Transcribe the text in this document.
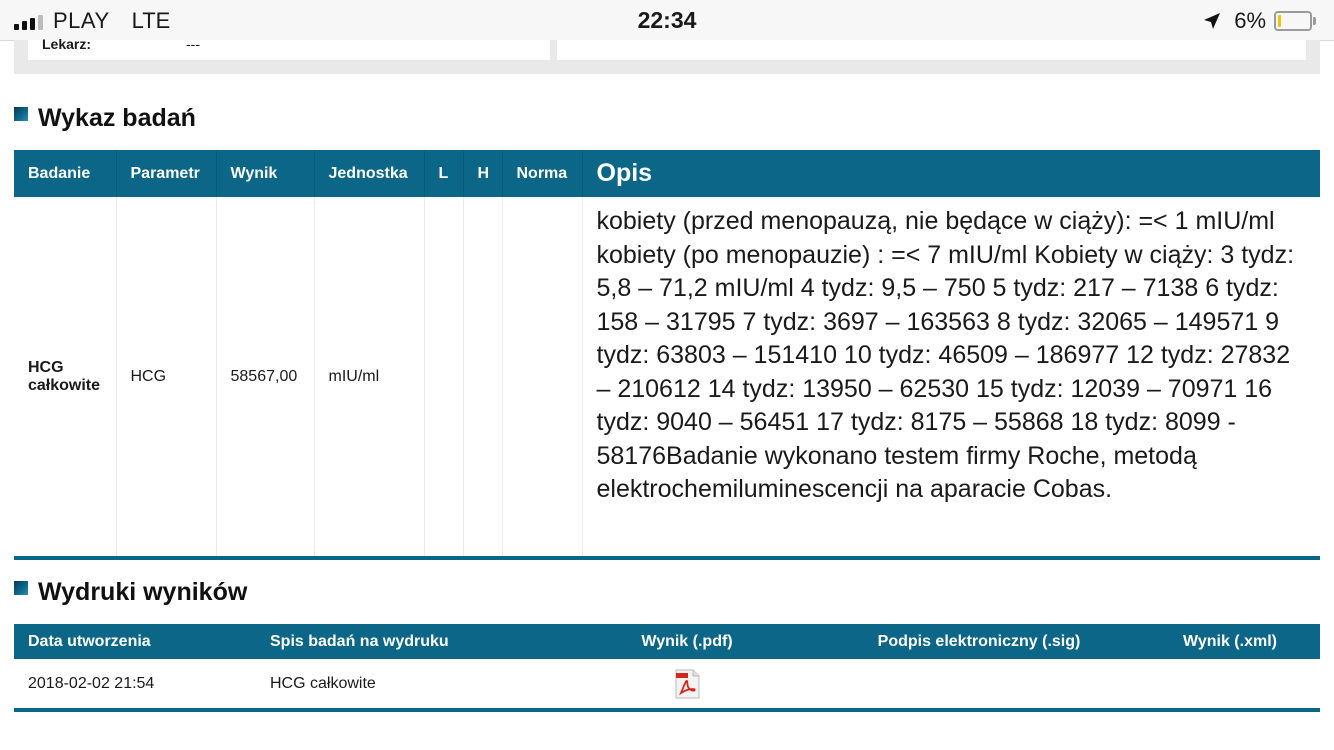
PLAY LTE	22:34	6%
Lekarz:	---
Wykaz badań
Badanie	Parametr	Wynik	Jednostka	L	H	Norma	Opis
HCG całkowite	HCG	58567,00	mIU/ml				kobiety (przed menopauzą, nie będące w ciąży): =< 1 mIU/ml kobiety (po menopauzie) : =< 7 mIU/ml Kobiety w ciąży: 3 tydz: 5,8 – 71,2 mIU/ml 4 tydz: 9,5 – 750 5 tydz: 217 – 7138 6 tydz: 158 – 31795 7 tydz: 3697 – 163563 8 tydz: 32065 – 149571 9 tydz: 63803 – 151410 10 tydz: 46509 – 186977 12 tydz: 27832 – 210612 14 tydz: 13950 – 62530 15 tydz: 12039 – 70971 16 tydz: 9040 – 56451 17 tydz: 8175 – 55868 18 tydz: 8099 - 58176Badanie wykonano testem firmy Roche, metodą elektrochemiluminescencji na aparacie Cobas.
Wydruki wyników
Data utworzenia	Spis badań na wydruku	Wynik (.pdf)	Podpis elektroniczny (.sig)	Wynik (.xml)
2018-02-02 21:54	HCG całkowite			
